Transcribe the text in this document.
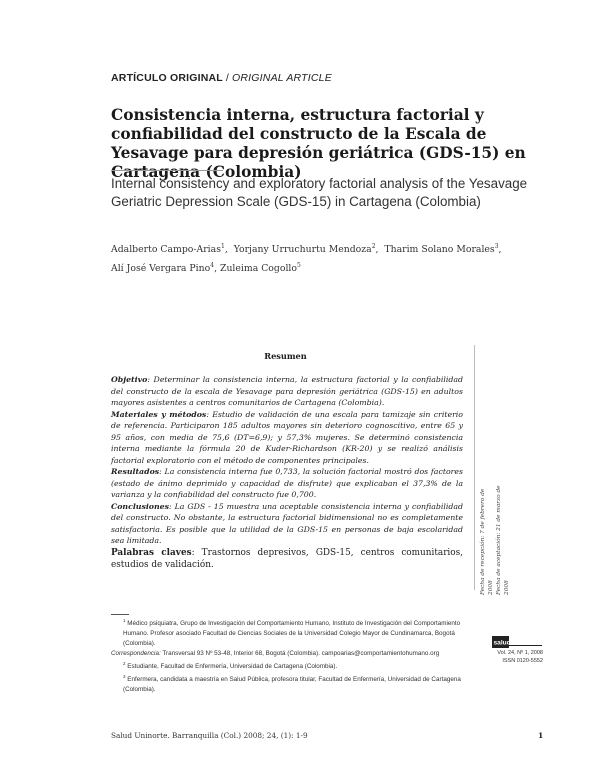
ARTÍCULO ORIGINAL / ORIGINAL ARTICLE
Consistencia interna, estructura factorial y confiabilidad del constructo de la Escala de Yesavage para depresión geriátrica (GDS-15) en Cartagena (Colombia)
Internal consistency and exploratory factorial analysis of the Yesavage Geriatric Depression Scale (GDS-15) in Cartagena (Colombia)
Adalberto Campo-Arias$^1$,  Yorjany Urruchurtu Mendoza$^2$,  Tharim Solano Morales$^3$,
Alí José Vergara Pino$^4$, Zuleima Cogollo$^5$
Resumen

Objetivo: Determinar la consistencia interna, la estructura factorial y la confiabilidad del constructo de la escala de Yesavage para depresión geriátrica (GDS-15) en adultos mayores asistentes a centros comunitarios de Cartagena (Colombia).

Materiales y métodos: Estudio de validación de una escala para tamizaje sin criterio de referencia. Participaron 185 adultos mayores sin deterioro cognoscitivo, entre 65 y 95 años, con media de 75,6 (DT=6,9); y 57,3% mujeres. Se determinó consistencia interna mediante la fórmula 20 de Kuder-Richardson (KR-20) y se realizó análisis factorial exploratorio con el método de componentes principales.

Resultados: La consistencia interna fue 0,733, la solución factorial mostró dos factores (estado de ánimo deprimido y capacidad de disfrute) que explicaban el 37,3% de la varianza y la confiabilidad del constructo fue 0,700.

Conclusiones: La GDS - 15 muestra una aceptable consistencia interna y confiabilidad del constructo. No obstante, la estructura factorial bidimensional no es completamente satisfactoria. Es posible que la utilidad de la GDS-15 en personas de baja escolaridad sea limitada.

Palabras claves: Trastornos depresivos, GDS-15, centros comunitarios, estudios de validación.	Fecha de recepción: 7 de febrero de 2008 Fecha de aceptación: 21 de marzo de 2008

$^1$ Médico psiquiatra, Grupo de Investigación del Comportamiento Humano, Instituto de Investigación del Comportamiento Humano. Profesor asociado Facultad de Ciencias Sociales de la Universidad Colegio Mayor de Cundinamarca, Bogotá (Colombia).

Correspondencia: Transversal 93 Nº 53-48, Interior 68, Bogotá (Colombia). campoarias@comportamientohumano.org

$^2$ Estudiante, Facultad de Enfermería, Universidad de Cartagena (Colombia).

$^3$ Enfermera, candidata a maestría en Salud Pública, profesora titular, Facultad de Enfermería, Universidad de Cartagena (Colombia).

salud uninorte
Vol. 24, Nº 1, 2008
ISSN 0120-5552
Salud Uninorte. Barranquilla (Col.) 2008; 24, (1): 1-9	1
